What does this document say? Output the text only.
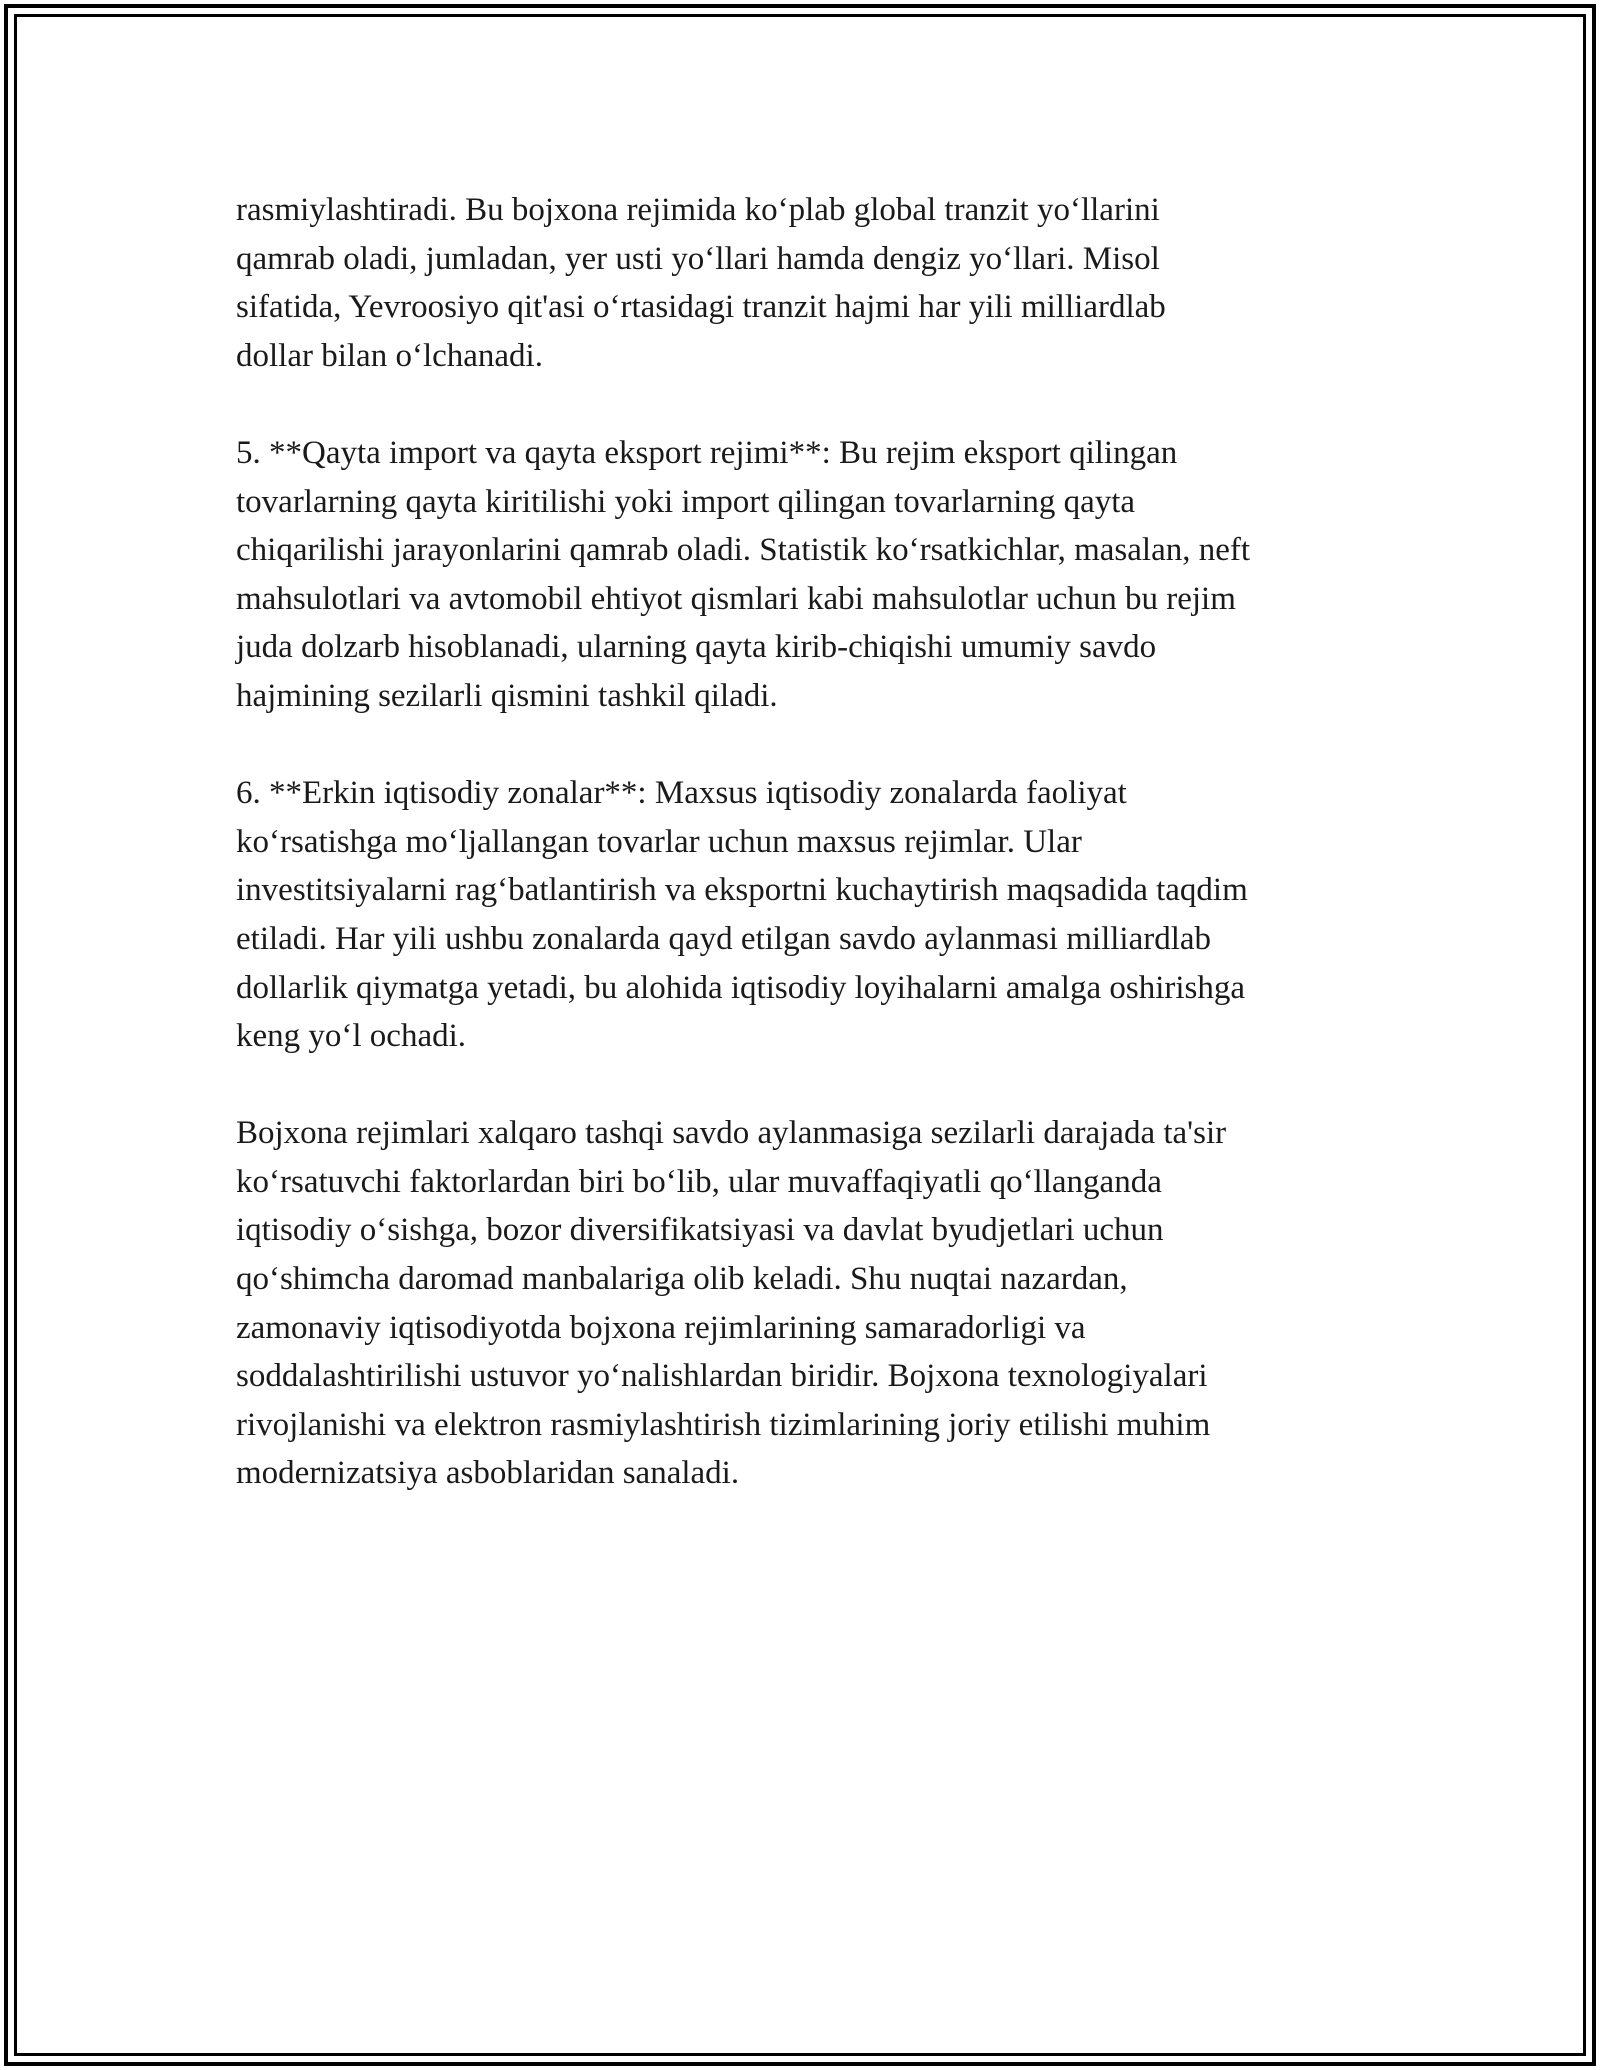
rasmiylashtiradi. Bu bojxona rejimida ko‘plab global tranzit yo‘llarini
qamrab oladi, jumladan, yer usti yo‘llari hamda dengiz yo‘llari. Misol
sifatida, Yevroosiyo qit'asi o‘rtasidagi tranzit hajmi har yili milliardlab
dollar bilan o‘lchanadi.

5. **Qayta import va qayta eksport rejimi**: Bu rejim eksport qilingan
tovarlarning qayta kiritilishi yoki import qilingan tovarlarning qayta
chiqarilishi jarayonlarini qamrab oladi. Statistik ko‘rsatkichlar, masalan, neft
mahsulotlari va avtomobil ehtiyot qismlari kabi mahsulotlar uchun bu rejim
juda dolzarb hisoblanadi, ularning qayta kirib-chiqishi umumiy savdo
hajmining sezilarli qismini tashkil qiladi.

6. **Erkin iqtisodiy zonalar**: Maxsus iqtisodiy zonalarda faoliyat
ko‘rsatishga mo‘ljallangan tovarlar uchun maxsus rejimlar. Ular
investitsiyalarni rag‘batlantirish va eksportni kuchaytirish maqsadida taqdim
etiladi. Har yili ushbu zonalarda qayd etilgan savdo aylanmasi milliardlab
dollarlik qiymatga yetadi, bu alohida iqtisodiy loyihalarni amalga oshirishga
keng yo‘l ochadi.

Bojxona rejimlari xalqaro tashqi savdo aylanmasiga sezilarli darajada ta'sir
ko‘rsatuvchi faktorlardan biri bo‘lib, ular muvaffaqiyatli qo‘llanganda
iqtisodiy o‘sishga, bozor diversifikatsiyasi va davlat byudjetlari uchun
qo‘shimcha daromad manbalariga olib keladi. Shu nuqtai nazardan,
zamonaviy iqtisodiyotda bojxona rejimlarining samaradorligi va
soddalashtirilishi ustuvor yo‘nalishlardan biridir. Bojxona texnologiyalari
rivojlanishi va elektron rasmiylashtirish tizimlarining joriy etilishi muhim
modernizatsiya asboblaridan sanaladi.
